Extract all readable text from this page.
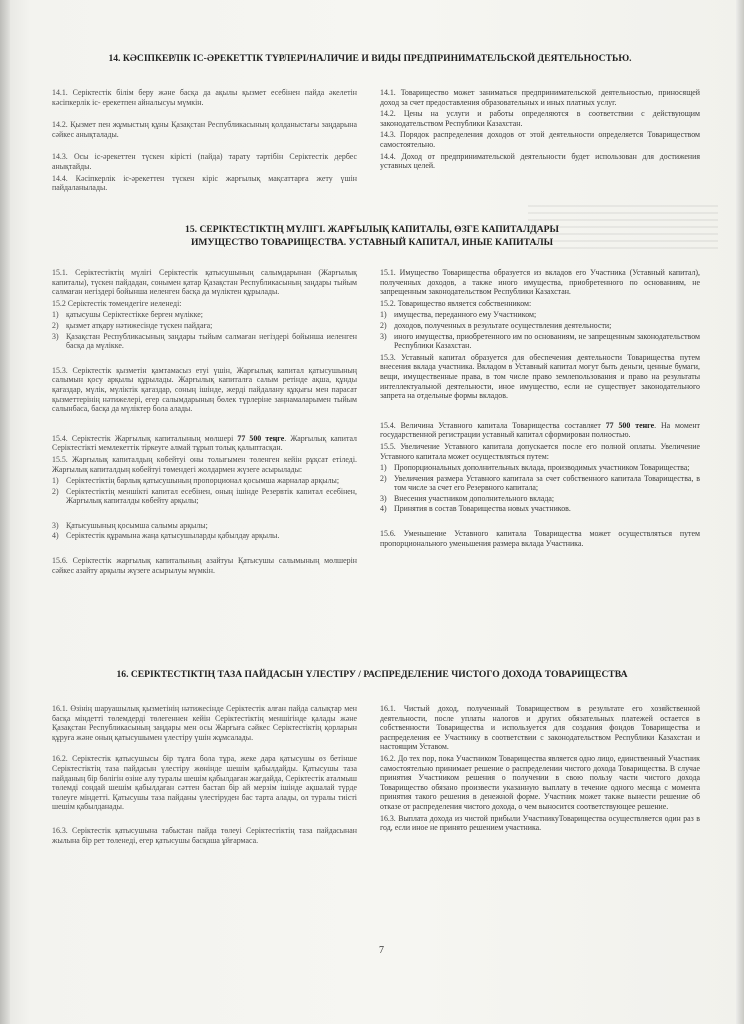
14. КӘСІПКЕРЛІК ІС-ӘРЕКЕТТІК ТҮРЛЕРІ/НАЛИЧИЕ И ВИДЫ ПРЕДПРИНИМАТЕЛЬСКОЙ ДЕЯТЕЛЬНОСТЬЮ.

14.1. Серіктестік білім беру және басқа да ақылы қызмет есебінен пайда әкелетін кәсіпкерлік іс- ерекетпен айналысуы мүмкін.

14.2. Қызмет пен жұмыстың құны Қазақстан Республикасының қолданыстағы заңдарына сәйкес анықталады.

14.3. Осы іс-әрекеттен түскен кірісті (пайда) тарату тәртібін Серіктестік дербес анықтайды.

14.4. Кәсіпкерлік іс-әрекеттен түскен кіріс жарғылық мақсаттарға жету үшін пайдаланылады.

14.1. Товарищество может заниматься предпринимательской деятельностью, приносящей доход за счет предоставления образовательных и иных платных услуг.

14.2. Цены на услуги и работы определяются в соответствии с действующим законодательством Республики Казахстан.

14.3. Порядок распределения доходов от этой деятельности определяется Товариществом самостоятельно.

14.4. Доход от предпринимательской деятельности будет использован для достижения уставных целей.

15. СЕРІКТЕСТІКТІҢ МҮЛІГІ. ЖАРҒЫЛЫҚ КАПИТАЛЫ, ӨЗГЕ КАПИТАЛДАРЫ
ИМУЩЕСТВО ТОВАРИЩЕСТВА. УСТАВНЫЙ КАПИТАЛ, ИНЫЕ КАПИТАЛЫ

15.1. Серіктестіктің мүлігі Серіктестік қатысушының салымдарынан (Жарғылық капиталы), түскен пайдадан, сонымен қатар Қазақстан Республикасының заңдары тыйым салмаған негіздері бойынша иеленген басқа да мүліктен құрылады.

15.2 Серіктестік төмендегіге иеленеді:

1) қатысушы Серіктестікке берген мүлікке;
2) қызмет атқару нәтижесінде түскен пайдаға;
3) Қазақстан Республикасының заңдары тыйым салмаған негіздері бойынша иеленген басқа да мүлікке.

15.3. Серіктестік қызметін қамтамасыз етуі үшін, Жарғылық капитал қатысушының салымын қосу арқылы құрылады. Жарғылық капиталға салым ретінде ақша, құнды қағаздар, мүлік, мүліктік қағаздар, соның ішінде, жерді пайдалану құқығы мен парасат қызметтерінің нәтижелері, егер салымдарының бөлек түрлеріне заңнамаларымен тыйым салынбаса, басқа да мүліктер бола алады.

15.4. Серіктестік Жарғылық капиталының мөлшері 77 500 теңге. Жарғылық капитал Серіктестікті мемлекеттік тіркеуге алмай тұрып толық қалыптасқан.

15.5. Жарғылық капиталдың көбейтуі оны толығымен төленген кейін рұқсат етіледі. Жарғылық капиталдың көбейтуі төмендегі жолдармен жүзеге асырылады:

1) Серіктестіктің барлық қатысушының пропорционал қосымша жарналар арқылы;
2) Серіктестіктің меншікті капитал есебінен, оның ішінде Резервтік капитал есебінен, Жарғылық капиталды көбейту арқылы;
3) Қатысушының қосымша салымы арқылы;
4) Серіктестік құрамына жаңа қатысушыларды қабылдау арқылы.

15.6. Серіктестік жарғылық капиталының азайтуы Қатысушы салымының мөлшерін сәйкес азайту арқылы жүзеге асырылуы мүмкін.

15.1. Имущество Товарищества образуется из вкладов его Участника (Уставный капитал), полученных доходов, а также иного имущества, приобретенного по основаниям, не запрещенным законодательством Республики Казахстан.

15.2. Товарищество является собственником:

1) имущества, переданного ему Участником;
2) доходов, полученных в результате осуществления деятельности;
3) иного имущества, приобретенного им по основаниям, не запрещенным законодательством Республики Казахстан.

15.3. Уставный капитал образуется для обеспечения деятельности Товарищества путем внесения вклада участника. Вкладом в Уставный капитал могут быть деньги, ценные бумаги, вещи, имущественные права, в том числе право землепользования и право на результаты интеллектуальной деятельности, иное имущество, если не существует законодательного запрета на отдельные формы вкладов.

15.4. Величина Уставного капитала Товарищества составляет 77 500 тенге. На момент государственной регистрации уставный капитал сформирован полностью.

15.5. Увеличение Уставного капитала допускается после его полной оплаты. Увеличение Уставного капитала может осуществляться путем:

1) Пропорциональных дополнительных вклада, производимых участником Товарищества;
2) Увеличения размера Уставного капитала за счет собственного капитала Товарищества, в том числе за счет его Резервного капитала;
3) Внесения участником дополнительного вклада;
4) Принятия в состав Товарищества новых участников.

15.6. Уменьшение Уставного капитала Товарищества может осуществляться путем пропорционального уменьшения размера вклада Участника.

16. СЕРІКТЕСТІКТІҢ ТАЗА ПАЙДАСЫН ҮЛЕСТІРУ / РАСПРЕДЕЛЕНИЕ ЧИСТОГО ДОХОДА ТОВАРИЩЕСТВА

16.1. Өзінің шаруашылық қызметінің нәтижесінде Серіктестік алған пайда салықтар мен басқа міндетті төлемдерді төлегеннен кейін Серіктестіктің меншігінде қалады және Қазақстан Республикасының заңдары мен осы Жарғыға сәйкес Серіктестіктің қорларын құруға және оның қатысушымен үлестіру үшін жұмсалады.

16.2. Серіктестік қатысушысы бір тұлға бола тұра, жеке дара қатысушы өз бетінше Серіктестіктің таза пайдасын үлестіру жөнінде шешім қабылдайды. Қатысушы таза пайданың бір бөлігін өзіне алу туралы шешім қабылдаған жағдайда, Серіктестік аталмыш төлемді сондай шешім қабылдаған сәттен бастап бір ай мерзім ішінде ақшалай түрде төлеуге міндетті. Қатысушы таза пайданы үлестіруден бас тарта алады, ол туралы тиісті шешім қабылданады.

16.3. Серіктестік қатысушына табыстан пайда төлеуі Серіктестіктің таза пайдасынан жылына бір рет төленеді, егер қатысушы басқаша ұйғармаса.

16.1. Чистый доход, полученный Товариществом в результате его хозяйственной деятельности, после уплаты налогов и других обязательных платежей остается в собственности Товарищества и используется для создания фондов Товарищества и распределения ее Участнику в соответствии с законодательством Республики Казахстан и настоящим Уставом.

16.2. До тех пор, пока Участником Товарищества является одно лицо, единственный Участник самостоятельно принимает решение о распределении чистого дохода Товарищества. В случае принятия Участником решения о получении в свою пользу части чистого дохода Товарищество обязано произвести указанную выплату в течение одного месяца с момента принятия такого решения в денежной форме. Участник может также вынести решение об отказе от распределения чистого дохода, о чем выносится соответствующее решение.

16.3. Выплата дохода из чистой прибыли УчастникуТоварищества осуществляется один раз в год, если иное не принято решением участника.

7
